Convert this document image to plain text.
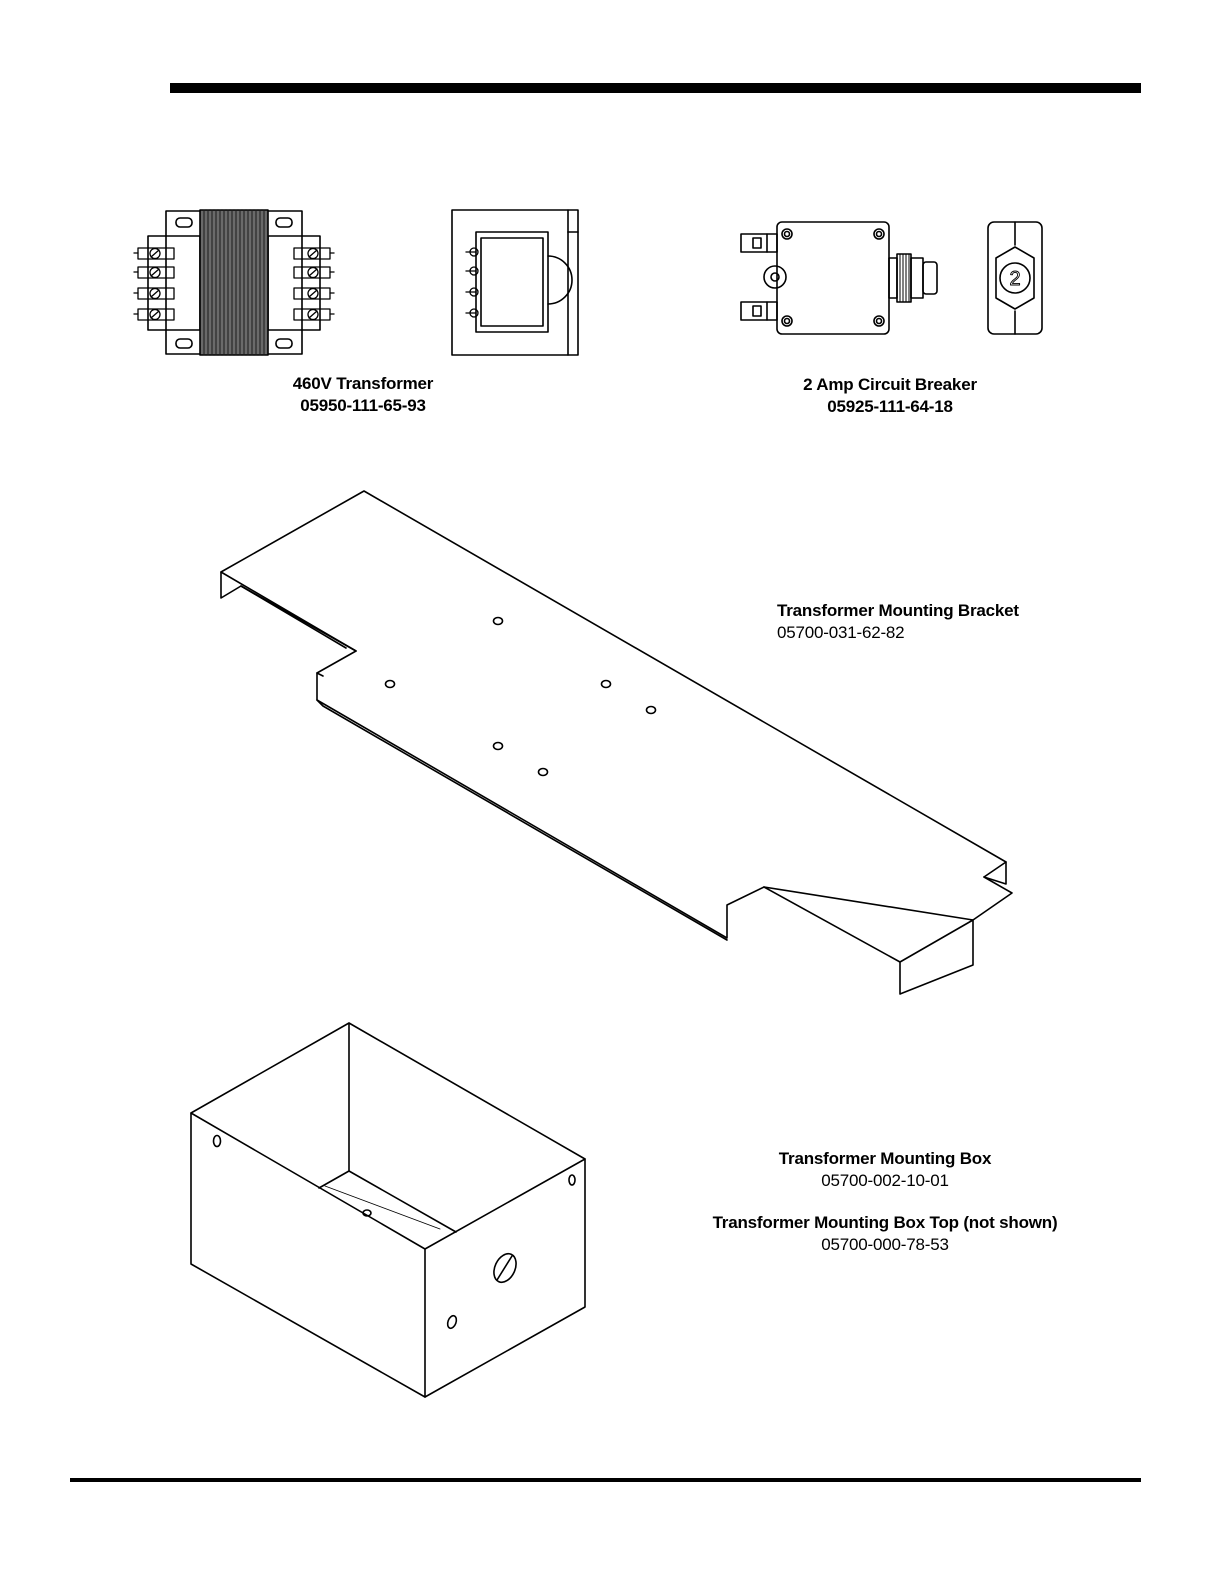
2
460V Transformer
05950-111-65-93
2 Amp Circuit Breaker
05925-111-64-18
Transformer Mounting Bracket
05700-031-62-82
Transformer Mounting Box
05700-002-10-01
Transformer Mounting Box Top (not shown)
05700-000-78-53
